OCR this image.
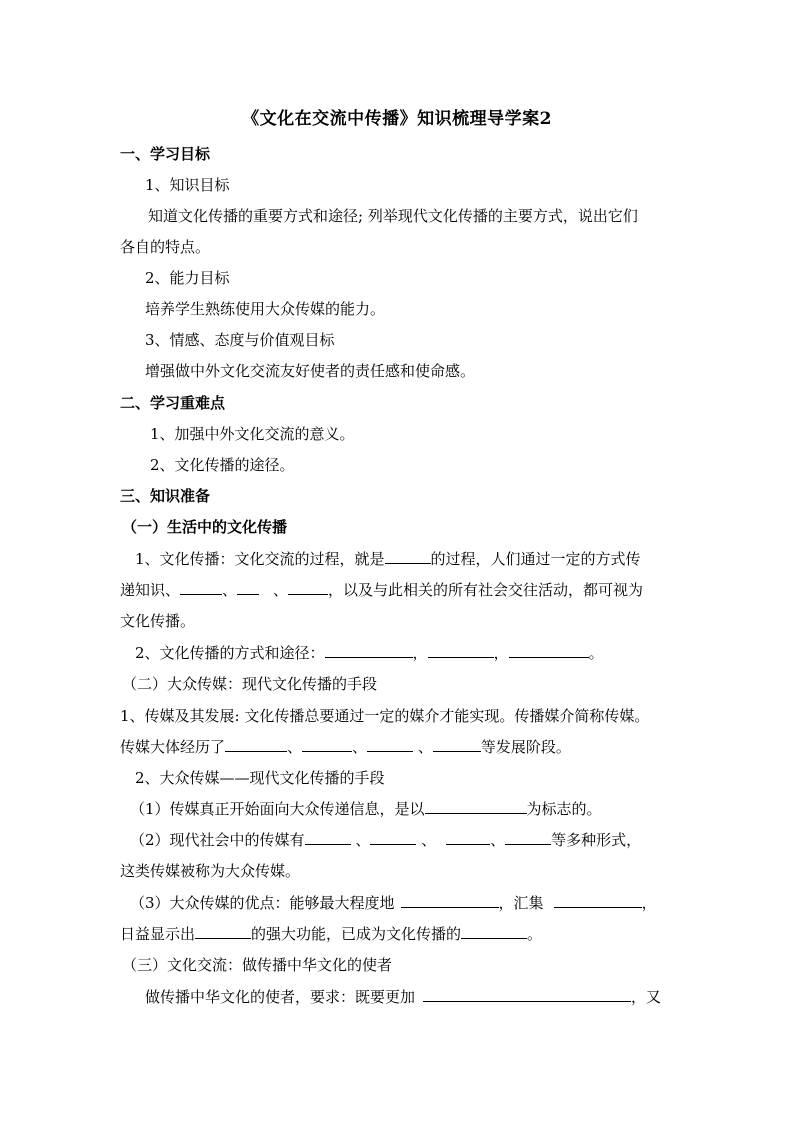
《文化在交流中传播》知识梳理导学案2
一、学习目标
1、知识目标
知道文化传播的重要方式和途径; 列举现代文化传播的主要方式，说出它们
各自的特点。
2、能力目标
培养学生熟练使用大众传媒的能力。
3、情感、态度与价值观目标
增强做中外文化交流友好使者的责任感和使命感。
二、学习重难点
1、加强中外文化交流的意义。
2、文化传播的途径。
三、知识准备
（一）生活中的文化传播
1、文化传播：文化交流的过程，就是	的过程，人们通过一定的方式传
递知识、	、 、	，以及与此相关的所有社会交往活动，都可视为
文化传播。
2、文化传播的方式和途径：	，	，	。
（二）大众传媒：现代文化传播的手段
1、传媒及其发展: 文化传播总要通过一定的媒介才能实现。传播媒介简称传媒。
传媒大体经历了	、	、	、	等发展阶段。
2、大众传媒——现代文化传播的手段
（1）传媒真正开始面向大众传递信息，是以	为标志的。
（2）现代社会中的传媒有	、	、	、	等多种形式，
这类传媒被称为大众传媒。
（3）大众传媒的优点：能够最大程度地	，汇集	，
日益显示出	的强大功能，已成为文化传播的	。
（三）文化交流：做传播中华文化的使者
做传播中华文化的使者，要求：既要更加	，又
